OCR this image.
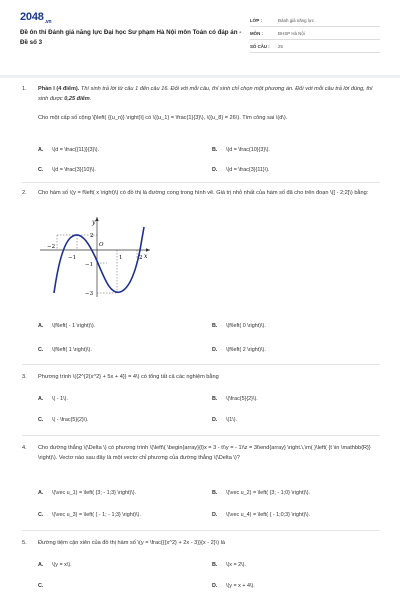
$2048_{.vn}$
Đề ôn thi Đánh giá năng lực Đại học Sư phạm Hà Nội môn Toán có đáp án - Đề số 3
LỚP :	Đánh giá năng lực
MÔN :	ĐHSP Hà Nội
SỐ CÂU :	25
1. Phần I (4 điểm). Thí sinh trả lời từ câu 1 đến câu 16. Đối với mỗi câu, thí sinh chỉ chọn một phương án. Đối với mỗi câu trả lời đúng, thí sinh được 0,25 điểm.
Cho một cấp số cộng \[\left( {{u_n}} \right)\] có \({u_1} = \frac{1}{3}\), \({u_8} = 26\). Tìm công sai \(d\).
A.	\(d = \frac{{11}}{3}\).	B.	\(d = \frac{10}{3}\).
C.	\(d = \frac{3}{10}\).	D.	\(d = \frac{3}{11}\).
2. Cho hàm số \(y = f\left( x \right)\) có đồ thị là đường cong trong hình vẽ. Giá trị nhỏ nhất của hàm số đã cho trên đoạn \([ - 2;2]\) bằng:
y
x
O
−2
−1	1	2
2
−1
−3
A.	\(f\left( - 1 \right)\).	B.	\(f\left( 0 \right)\).
C.	\(f\left( 1 \right)\).	D.	\(f\left( 2 \right)\).
3. Phương trình \({2^{2{x^2} + 5x + 4}} = 4\) có tổng tất cả các nghiệm bằng
A.	\( - 1\).	B.	\(\frac{5}{2}\).
C.	\( - \frac{5}{2}\).	D.	\(1\).
4. Cho đường thẳng \(\Delta \) có phương trình \(\left\{ \begin{array}{l}x = 3 - t\\y = - 1\\z = 3t\end{array} \right.\,\m( }\left( {t \in \mathbb{R}} \right)\). Vectơ nào sau đây là một vectơ chỉ phương của đường thẳng \(\Delta \)?
A.	\(\vec u_1) = \left( {3; - 1;3} \right)\).	B.	\(\vec u_2) = \left( {3; - 1;0} \right)\).
C.	\(\vec u_3) = \left( { - 1; - 1;3} \right)\).	D.	\(\vec u_4) = \left( { - 1;0;3} \right)\).
5. Đường tiệm cận xiên của đồ thị hàm số \(y = \frac{{{x^2} + 2x - 3}}{x - 2}\) là
A.	\(y = x\).	B.	\(x = 2\).
C.	D.	\(y = x + 4\).
